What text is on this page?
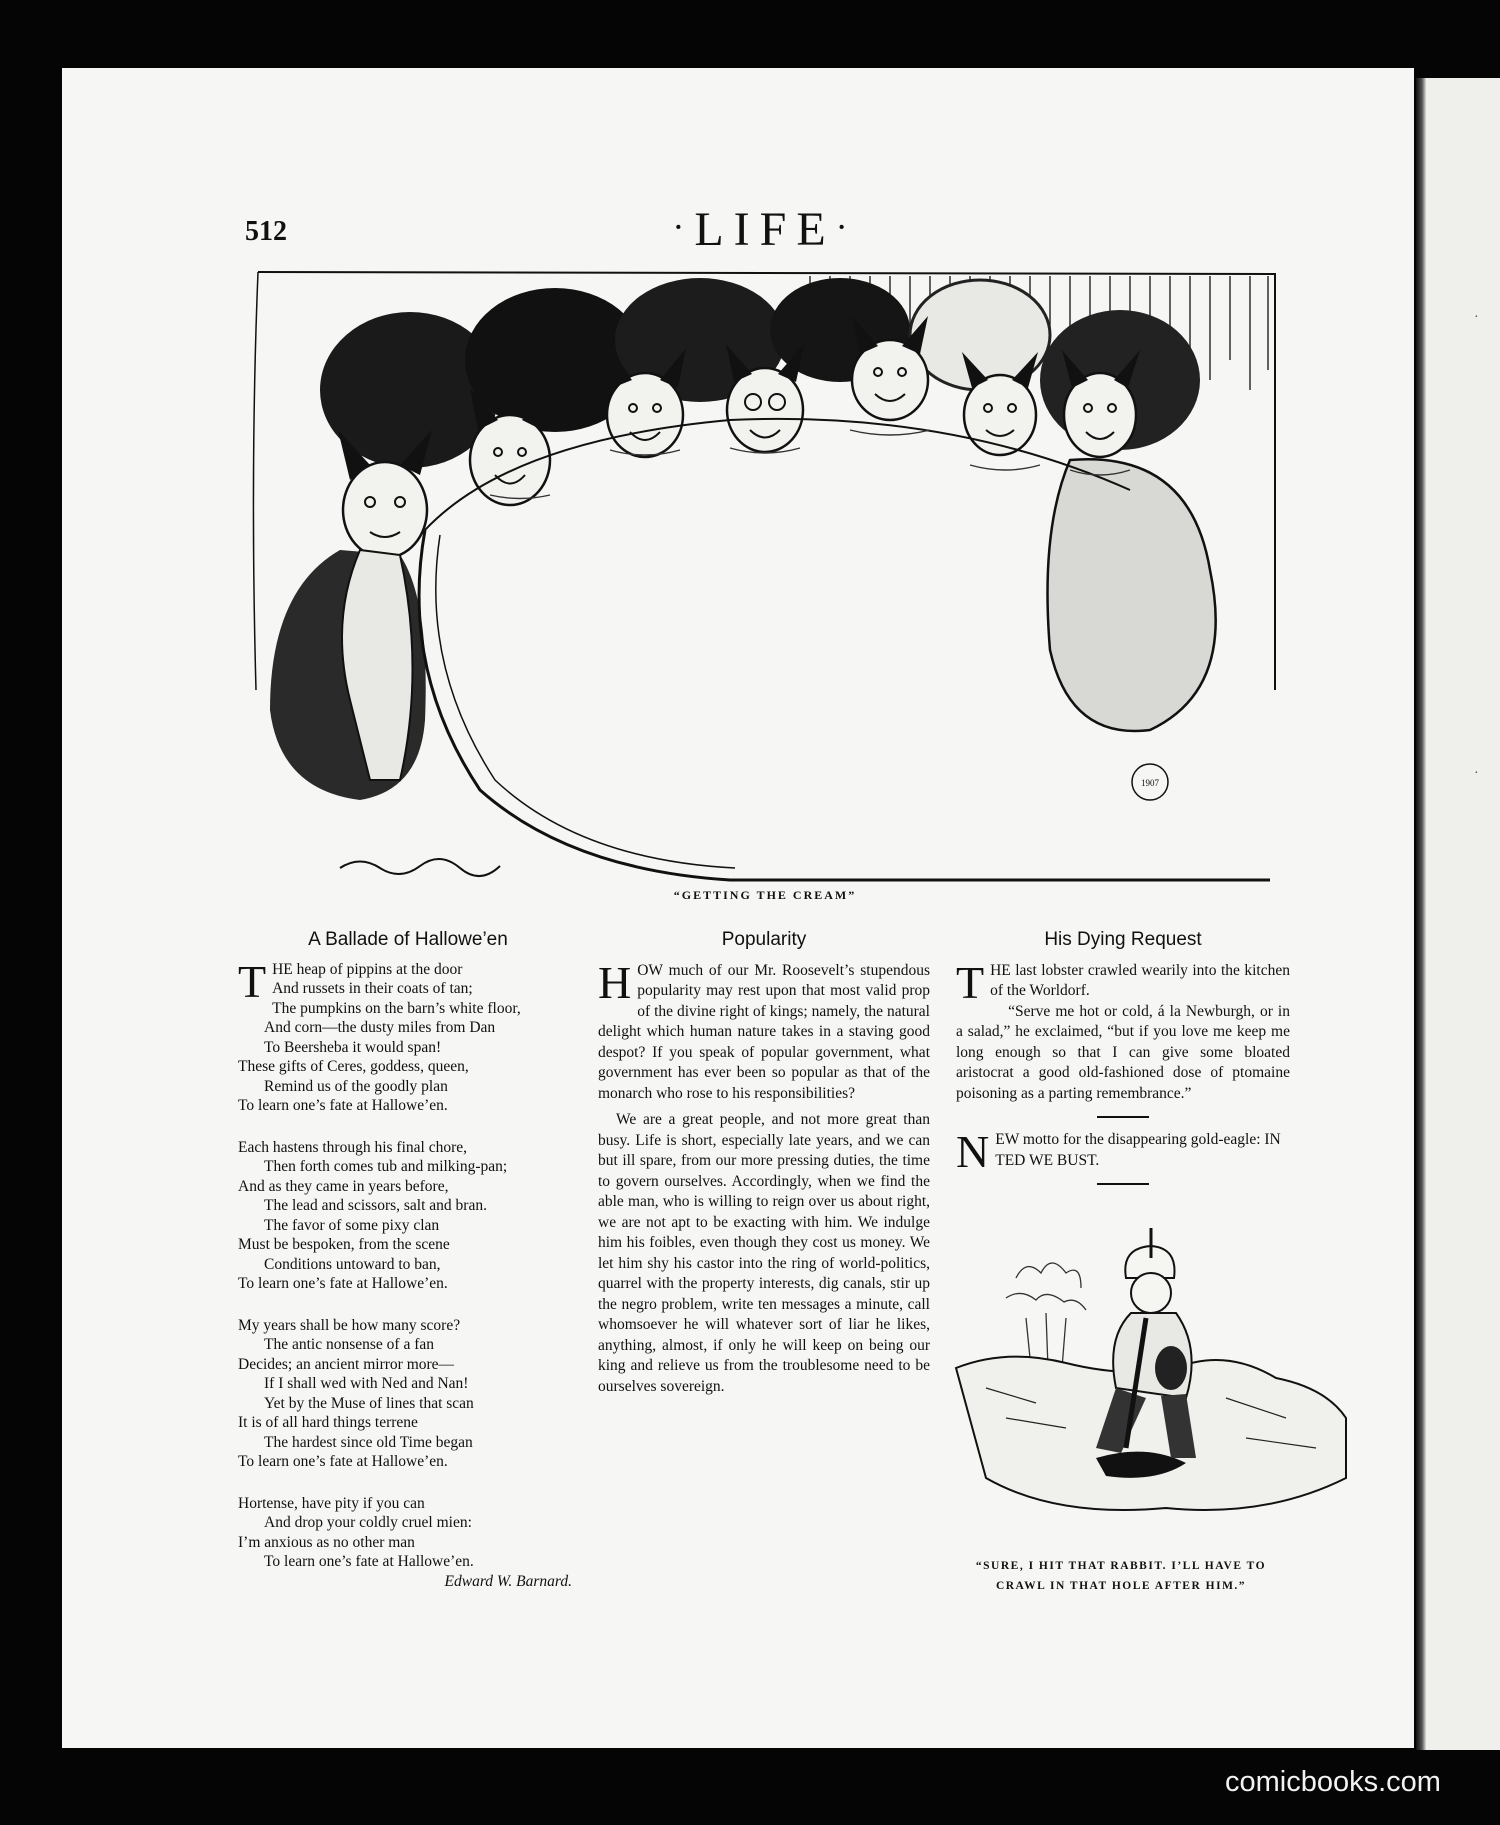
·
·
512	·LIFE·
1907
“GETTING THE CREAM”
A Ballade of Hallowe’en
THE heap of pippins at the door
And russets in their coats of tan;
The pumpkins on the barn’s white floor,
And corn—the dusty miles from Dan
To Beersheba it would span!
These gifts of Ceres, goddess, queen,
Remind us of the goodly plan
To learn one’s fate at Hallowe’en.
Each hastens through his final chore,
Then forth comes tub and milking-pan;
And as they came in years before,
The lead and scissors, salt and bran.
The favor of some pixy clan
Must be bespoken, from the scene
Conditions untoward to ban,
To learn one’s fate at Hallowe’en.
My years shall be how many score?
The antic nonsense of a fan
Decides; an ancient mirror more—
If I shall wed with Ned and Nan!
Yet by the Muse of lines that scan
It is of all hard things terrene
The hardest since old Time began
To learn one’s fate at Hallowe’en.
Hortense, have pity if you can
And drop your coldly cruel mien:
I’m anxious as no other man
To learn one’s fate at Hallowe’en.
Edward W. Barnard.
Popularity

HOW much of our Mr. Roosevelt’s stupendous popularity may rest upon that most valid prop of the divine right of kings; namely, the natural delight which human nature takes in a staving good despot? If you speak of popular government, what government has ever been so popular as that of the monarch who rose to his responsibilities?

We are a great people, and not more great than busy. Life is short, especially late years, and we can but ill spare, from our more pressing duties, the time to govern ourselves. Accordingly, when we find the able man, who is willing to reign over us about right, we are not apt to be exacting with him. We indulge him his foibles, even though they cost us money. We let him shy his castor into the ring of world-politics, quarrel with the property interests, dig canals, stir up the negro problem, write ten messages a minute, call whomsoever he will whatever sort of liar he likes, anything, almost, if only he will keep on being our king and relieve us from the troublesome need to be ourselves sovereign.

His Dying Request

THE last lobster crawled wearily into the kitchen of the Worldorf.

“Serve me hot or cold, á la Newburgh, or in a salad,” he exclaimed, “but if you love me keep me long enough so that I can give some bloated aristocrat a good old-fashioned dose of ptomaine poisoning as a parting remembrance.”

NEW motto for the disappearing gold-eagle: IN TED WE BUST.

“SURE, I HIT THAT RABBIT. I’LL HAVE TO
CRAWL IN THAT HOLE AFTER HIM.”
comicbooks.com
